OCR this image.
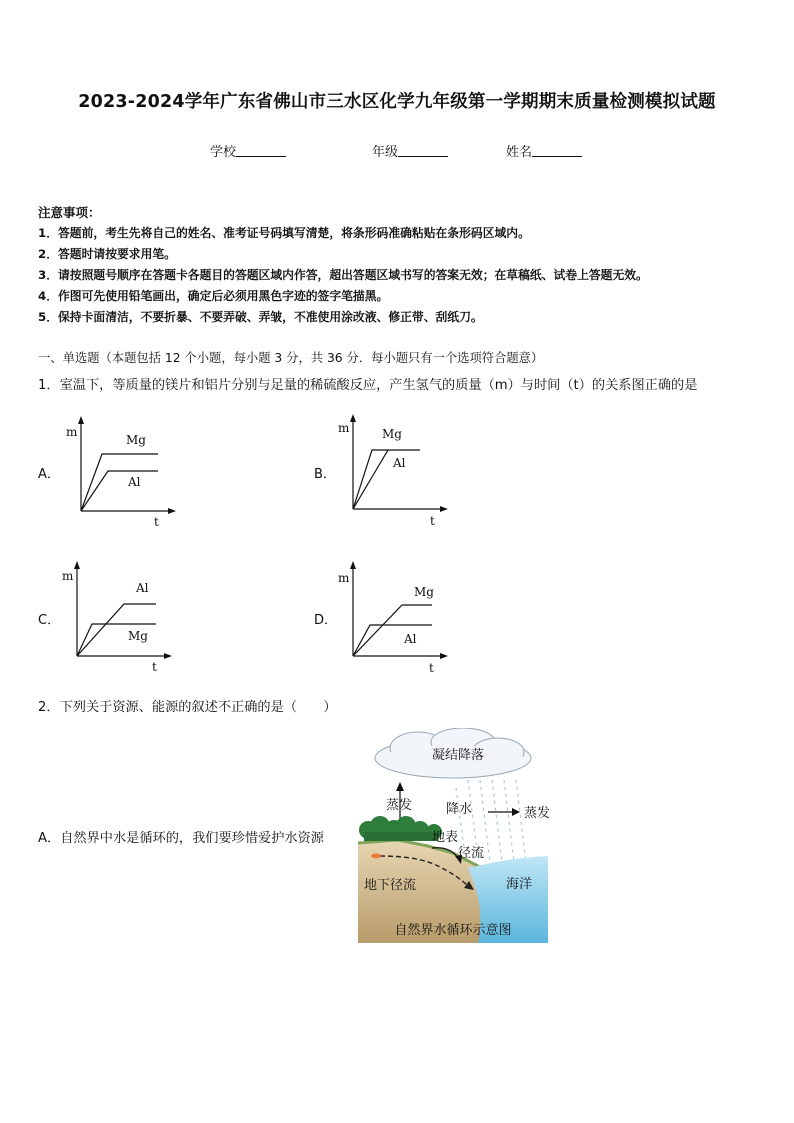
2023-2024学年广东省佛山市三水区化学九年级第一学期期末质量检测模拟试题
学校	年级	姓名
注意事项：
1．答题前，考生先将自己的姓名、准考证号码填写清楚，将条形码准确粘贴在条形码区域内。
2．答题时请按要求用笔。
3．请按照题号顺序在答题卡各题目的答题区域内作答，超出答题区域书写的答案无效；在草稿纸、试卷上答题无效。
4．作图可先使用铅笔画出，确定后必须用黑色字迹的签字笔描黑。
5．保持卡面清洁，不要折暴、不要弄破、弄皱，不准使用涂改液、修正带、刮纸刀。
一、单选题（本题包括 12 个小题，每小题 3 分，共 36 分．每小题只有一个选项符合题意）
1．室温下，等质量的镁片和铝片分别与足量的稀硫酸反应，产生氢气的质量（m）与时间（t）的关系图正确的是
A．
m
t
Mg
Al	B．
m
t
Mg
Al
C．
m
t
Al
Mg
D．
m
t
Mg
Al
2．下列关于资源、能源的叙述不正确的是（　　）
A．自然界中水是循环的，我们要珍惜爱护水资源
凝结降落
蒸发	降水	蒸发
地表
径流
地下径流	海洋
自然界水循环示意图
